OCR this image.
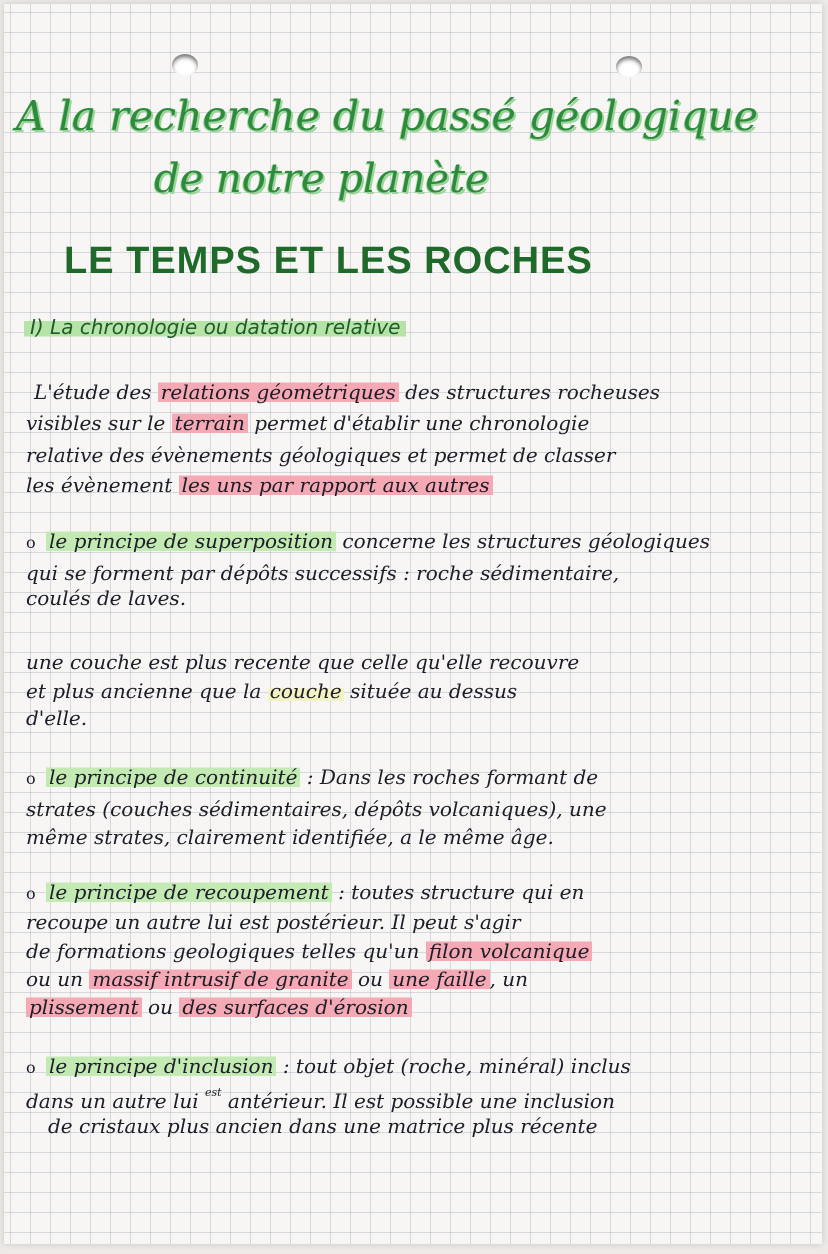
A la recherche du passé géologique
de notre planète
LE TEMPS ET LES ROCHES
I) La chronologie ou datation relative
L'étude des relations géométriques des structures rocheuses
visibles sur le terrain permet d'établir une chronologie
relative des évènements géologiques et permet de classer
les évènement les uns par rapport aux autres
o le principe de superposition concerne les structures géologiques
qui se forment par dépôts successifs : roche sédimentaire,
coulés de laves.
une couche est plus recente que celle qu'elle recouvre
et plus ancienne que la couche située au dessus
d'elle.
o le principe de continuité : Dans les roches formant de
strates (couches sédimentaires, dépôts volcaniques), une
même strates, clairement identifiée, a le même âge.
o le principe de recoupement : toutes structure qui en
recoupe un autre lui est postérieur. Il peut s'agir
de formations geologiques telles qu'un filon volcanique
ou un massif intrusif de granite ou une faille , un
plissement ou des surfaces d'érosion
o le principe d'inclusion : tout objet (roche, minéral) inclus
dans un autre lui $^{est}$ antérieur. Il est possible une inclusion
de cristaux plus ancien dans une matrice plus récente
